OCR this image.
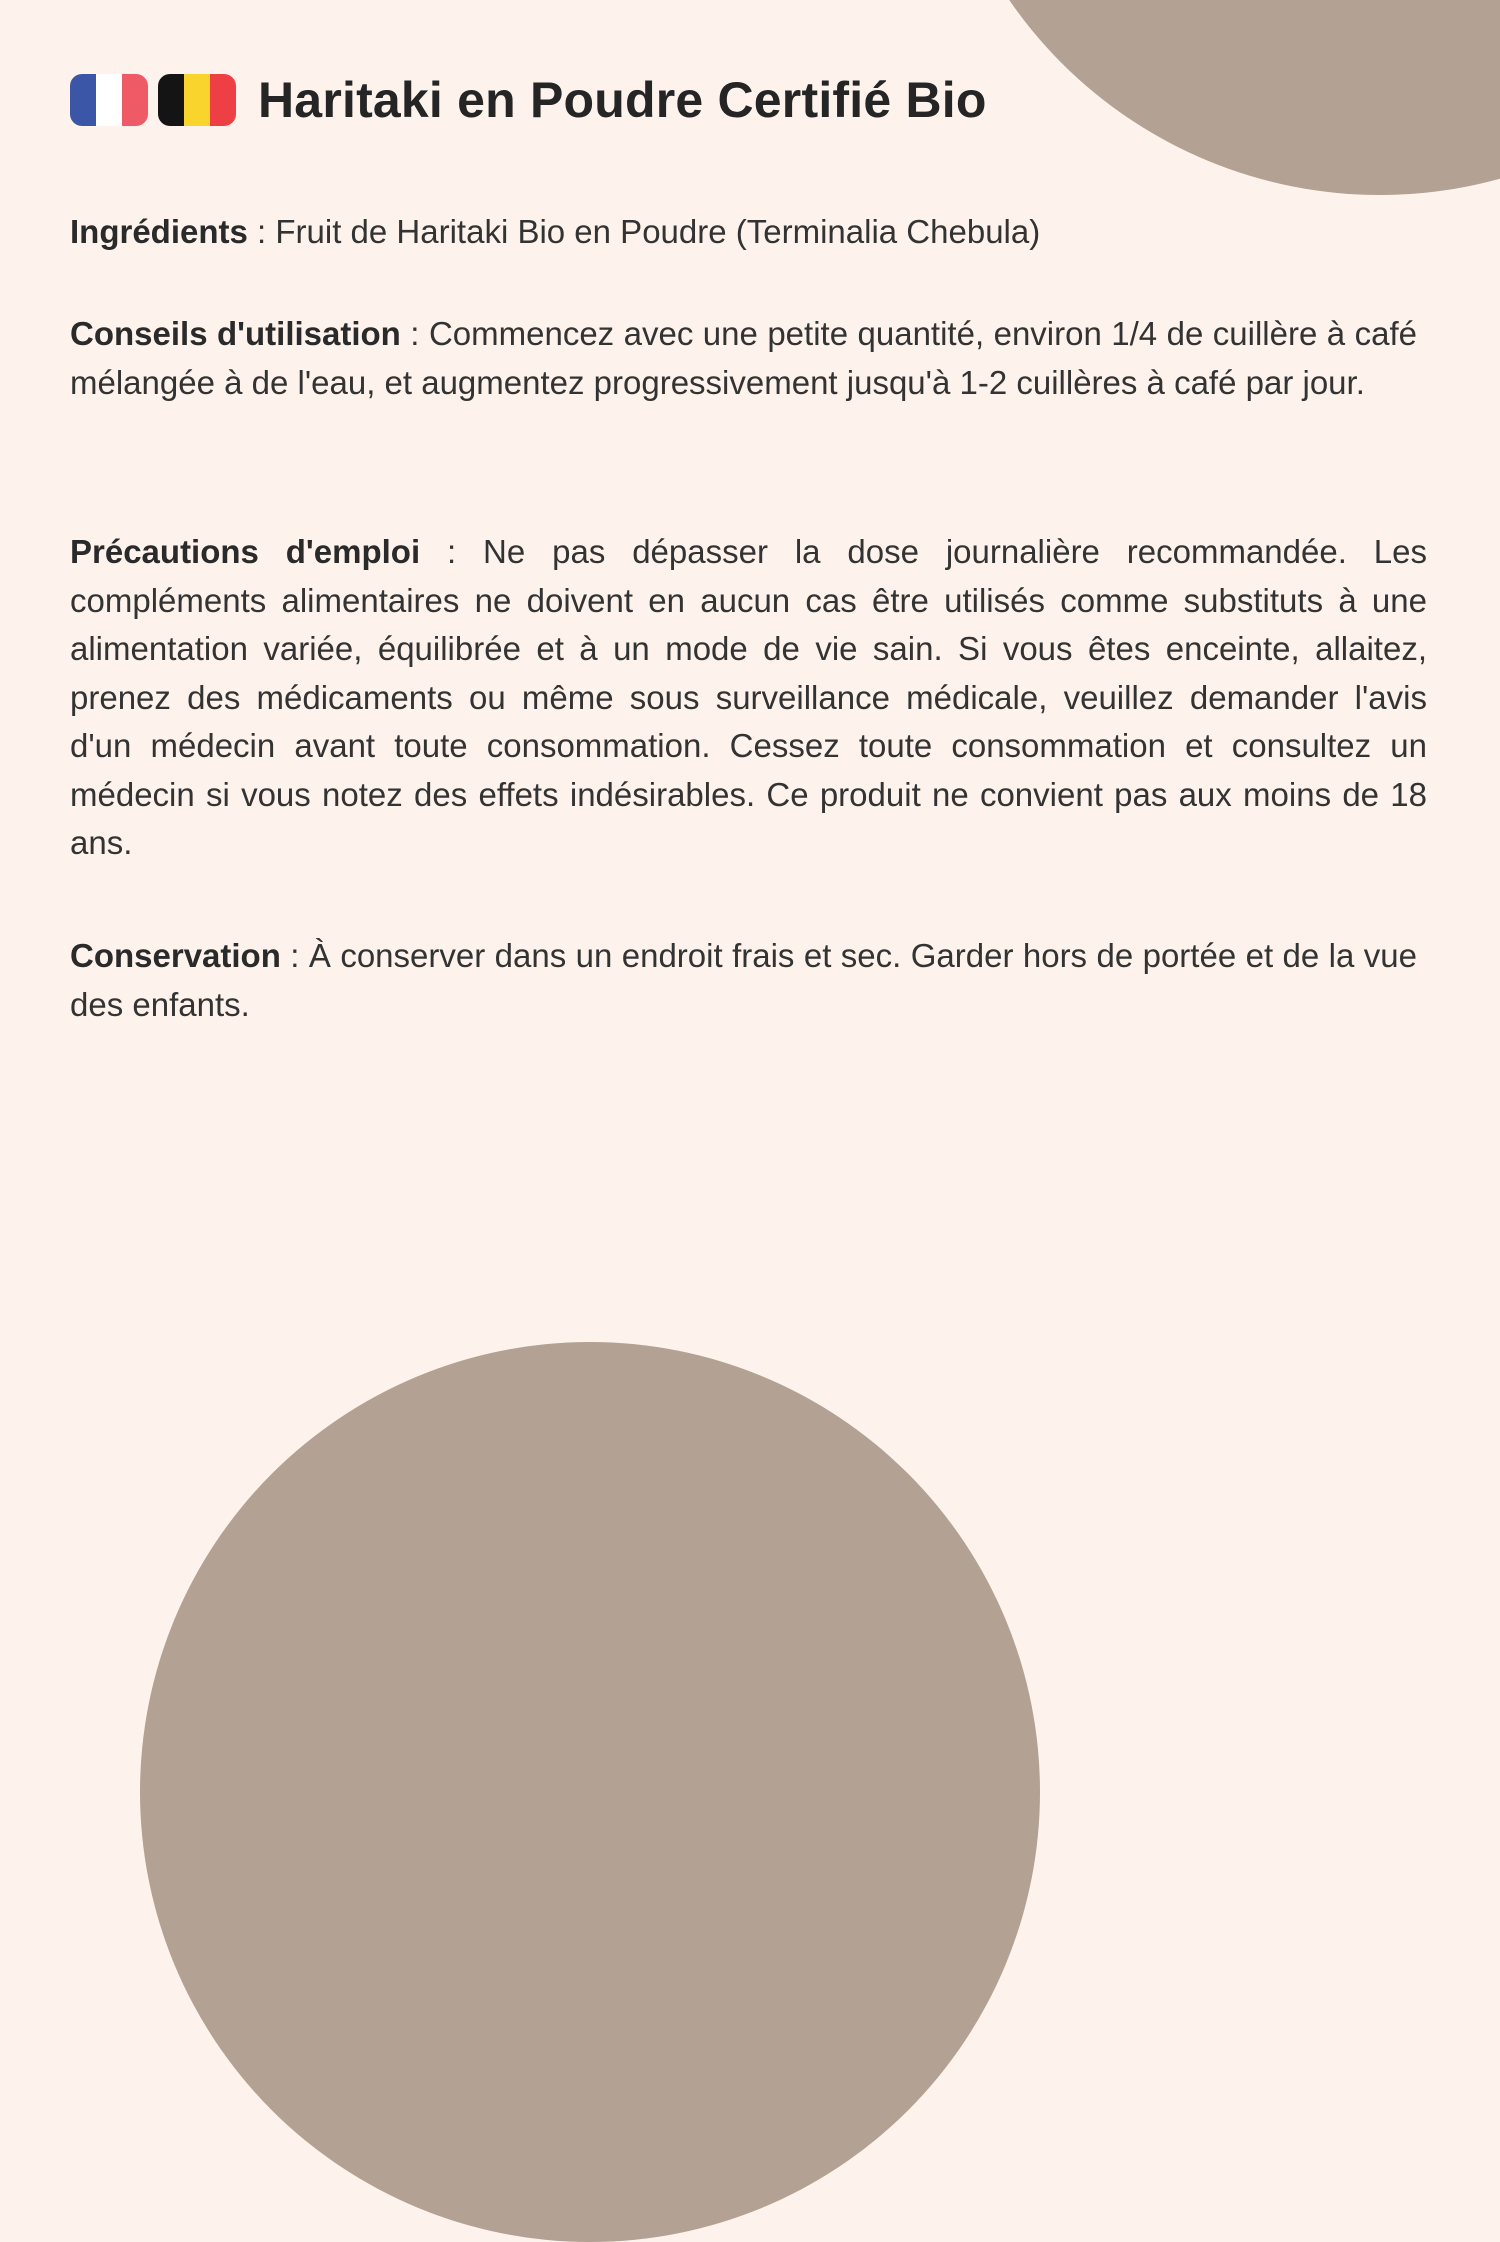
Haritaki en Poudre Certifié Bio
Ingrédients : Fruit de Haritaki Bio en Poudre (Terminalia Chebula)
Conseils d'utilisation : Commencez avec une petite quantité, environ 1/4 de cuillère à café mélangée à de l'eau, et augmentez progressivement jusqu'à 1-2 cuillères à café par jour.
Précautions d'emploi : Ne pas dépasser la dose journalière recommandée. Les compléments alimentaires ne doivent en aucun cas être utilisés comme substituts à une alimentation variée, équilibrée et à un mode de vie sain. Si vous êtes enceinte, allaitez, prenez des médicaments ou même sous surveillance médicale, veuillez demander l'avis d'un médecin avant toute consommation. Cessez toute consommation et consultez un médecin si vous notez des effets indésirables. Ce produit ne convient pas aux moins de 18 ans.
Conservation : À conserver dans un endroit frais et sec. Garder hors de portée et de la vue des enfants.
